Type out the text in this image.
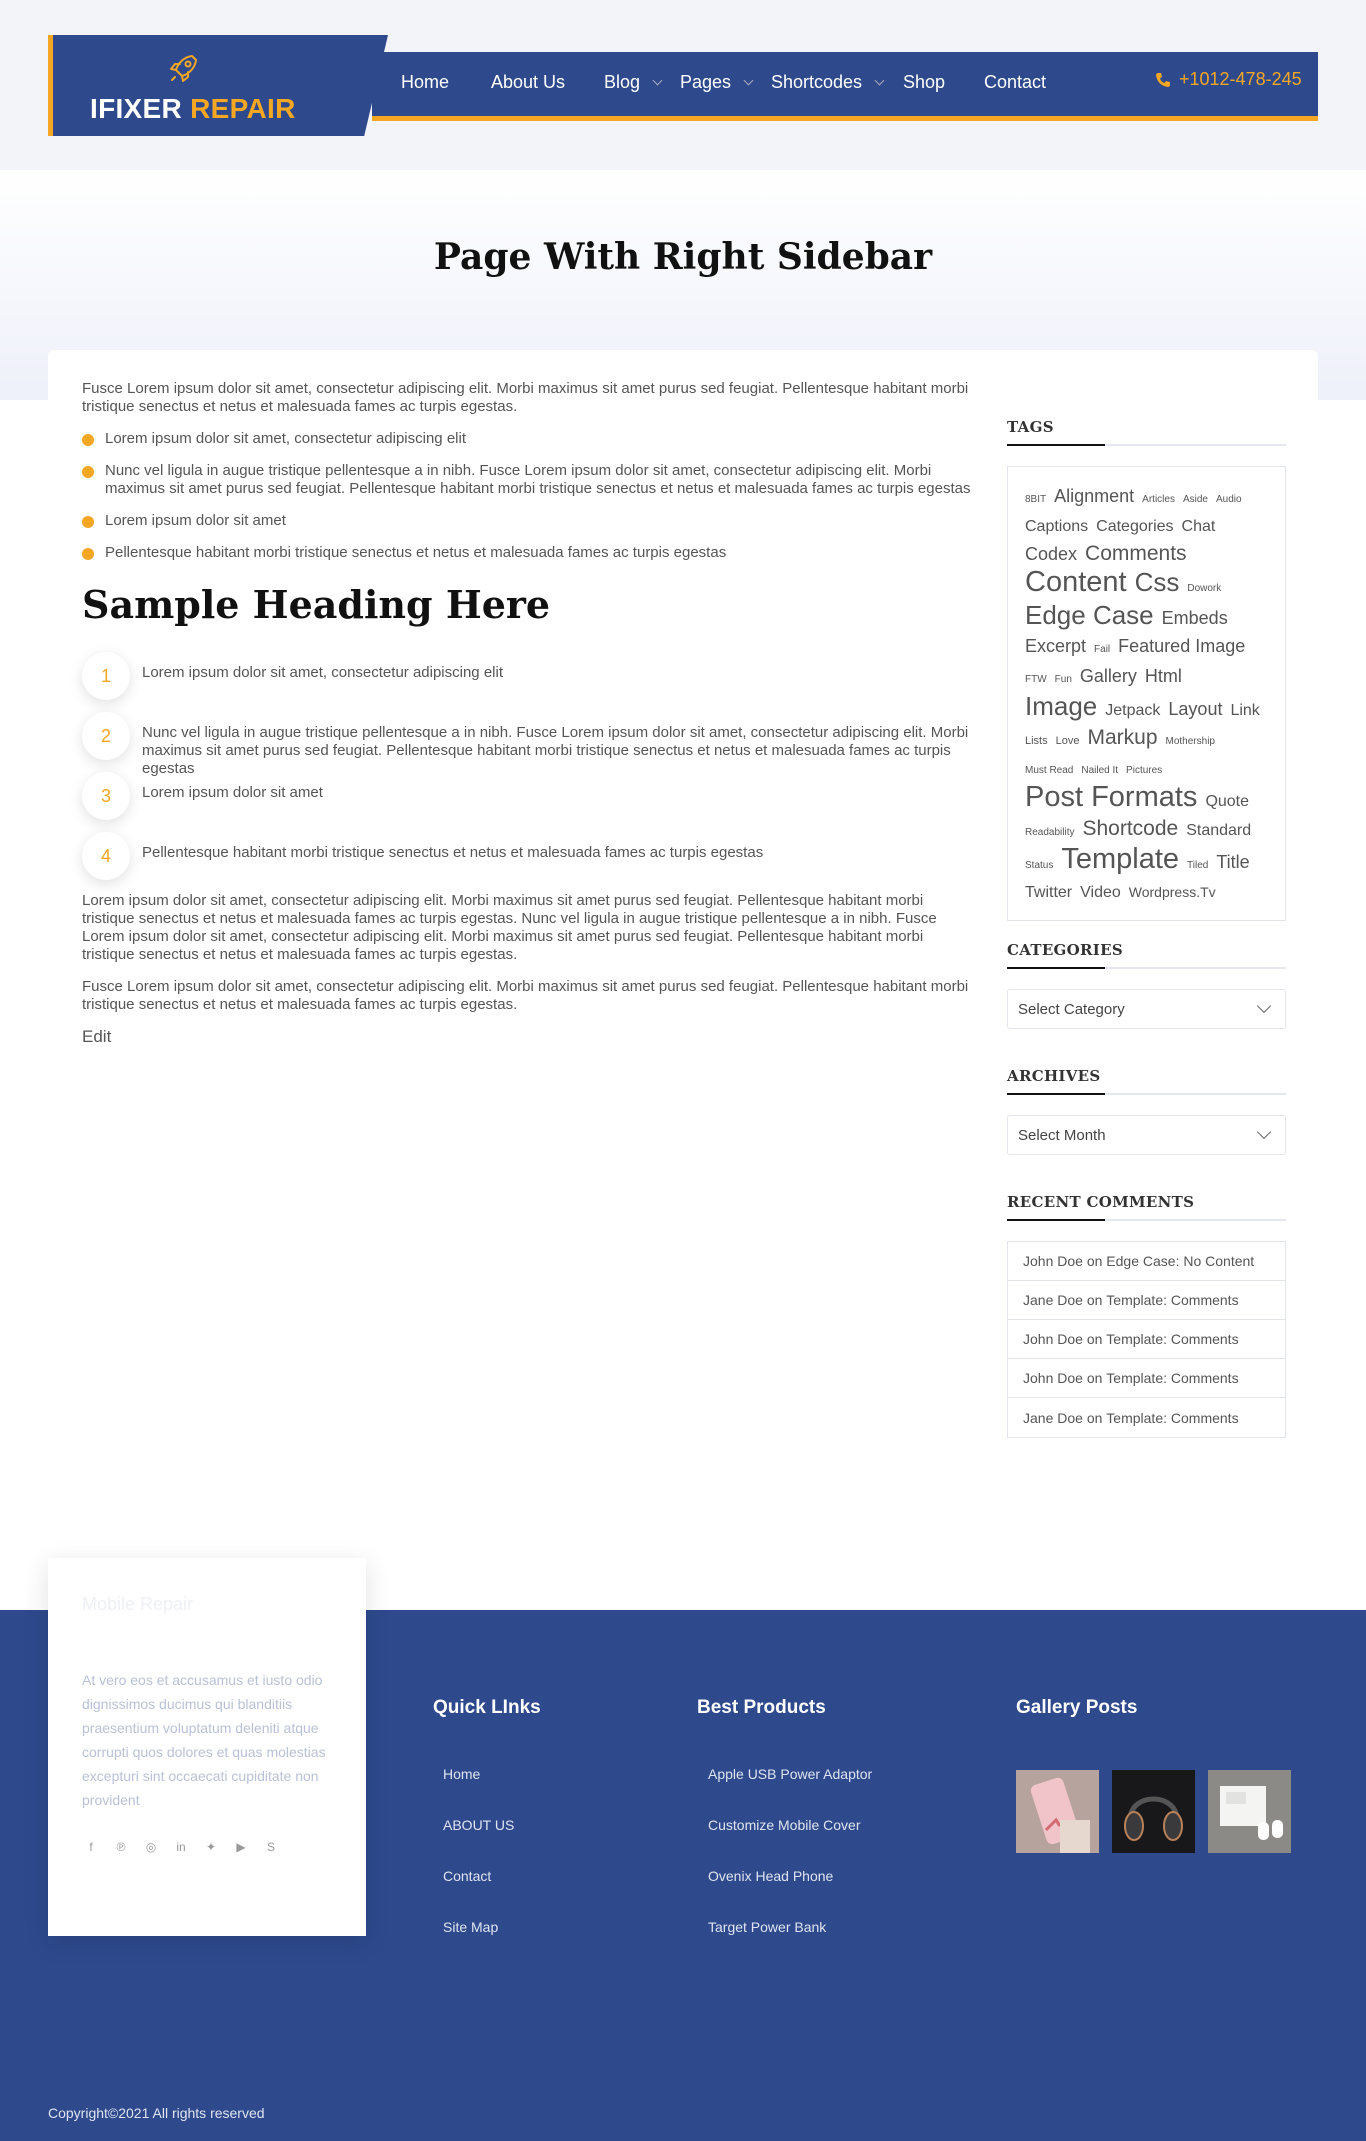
IFIXER REPAIR
Home About Us Blog Pages Shortcodes Shop Contact	+1012-478-245
Page With Right Sidebar

Fusce Lorem ipsum dolor sit amet, consectetur adipiscing elit. Morbi maximus sit amet purus sed feugiat. Pellentesque habitant morbi tristique senectus et netus et malesuada fames ac turpis egestas.

Lorem ipsum dolor sit amet, consectetur adipiscing elit
Nunc vel ligula in augue tristique pellentesque a in nibh. Fusce Lorem ipsum dolor sit amet, consectetur adipiscing elit. Morbi maximus sit amet purus sed feugiat. Pellentesque habitant morbi tristique senectus et netus et malesuada fames ac turpis egestas
Lorem ipsum dolor sit amet
Pellentesque habitant morbi tristique senectus et netus et malesuada fames ac turpis egestas
Sample Heading Here
1	Lorem ipsum dolor sit amet, consectetur adipiscing elit
2	Nunc vel ligula in augue tristique pellentesque a in nibh. Fusce Lorem ipsum dolor sit amet, consectetur adipiscing elit. Morbi maximus sit amet purus sed feugiat. Pellentesque habitant morbi tristique senectus et netus et malesuada fames ac turpis egestas
3	Lorem ipsum dolor sit amet
4	Pellentesque habitant morbi tristique senectus et netus et malesuada fames ac turpis egestas

Lorem ipsum dolor sit amet, consectetur adipiscing elit. Morbi maximus sit amet purus sed feugiat. Pellentesque habitant morbi tristique senectus et netus et malesuada fames ac turpis egestas. Nunc vel ligula in augue tristique pellentesque a in nibh. Fusce Lorem ipsum dolor sit amet, consectetur adipiscing elit. Morbi maximus sit amet purus sed feugiat. Pellentesque habitant morbi tristique senectus et netus et malesuada fames ac turpis egestas.

Fusce Lorem ipsum dolor sit amet, consectetur adipiscing elit. Morbi maximus sit amet purus sed feugiat. Pellentesque habitant morbi tristique senectus et netus et malesuada fames ac turpis egestas.

Edit
TAGS
8BIT Alignment Articles Aside AudioCaptions Categories ChatCodex CommentsContent Css DoworkEdge Case EmbedsExcerpt Fail Featured ImageFTW Fun Gallery HtmlImage Jetpack Layout LinkLists Love Markup MothershipMust Read Nailed It PicturesPost Formats QuoteReadability Shortcode StandardStatus Template Tiled TitleTwitter Video Wordpress.Tv
CATEGORIES
Select Category
ARCHIVES
Select Month
RECENT COMMENTS
John Doe
on
Edge Case: No Content
Jane Doe
on
Template: Comments
John Doe
on
Template: Comments
John Doe
on
Template: Comments
Jane Doe
on
Template: Comments
Mobile Repair
At vero eos et accusamus et iusto odio dignissimos ducimus qui blanditiis praesentium voluptatum deleniti atque corrupti quos dolores et quas molestias excepturi sint occaecati cupiditate non provident
f	℗ ◎ in ✦ ▶ S
Quick LInks
Home
ABOUT US
Contact
Site Map
Best Products
Apple USB Power Adaptor
Customize Mobile Cover
Ovenix Head Phone
Target Power Bank
Gallery Posts
Copyright©2021 All rights reserved
